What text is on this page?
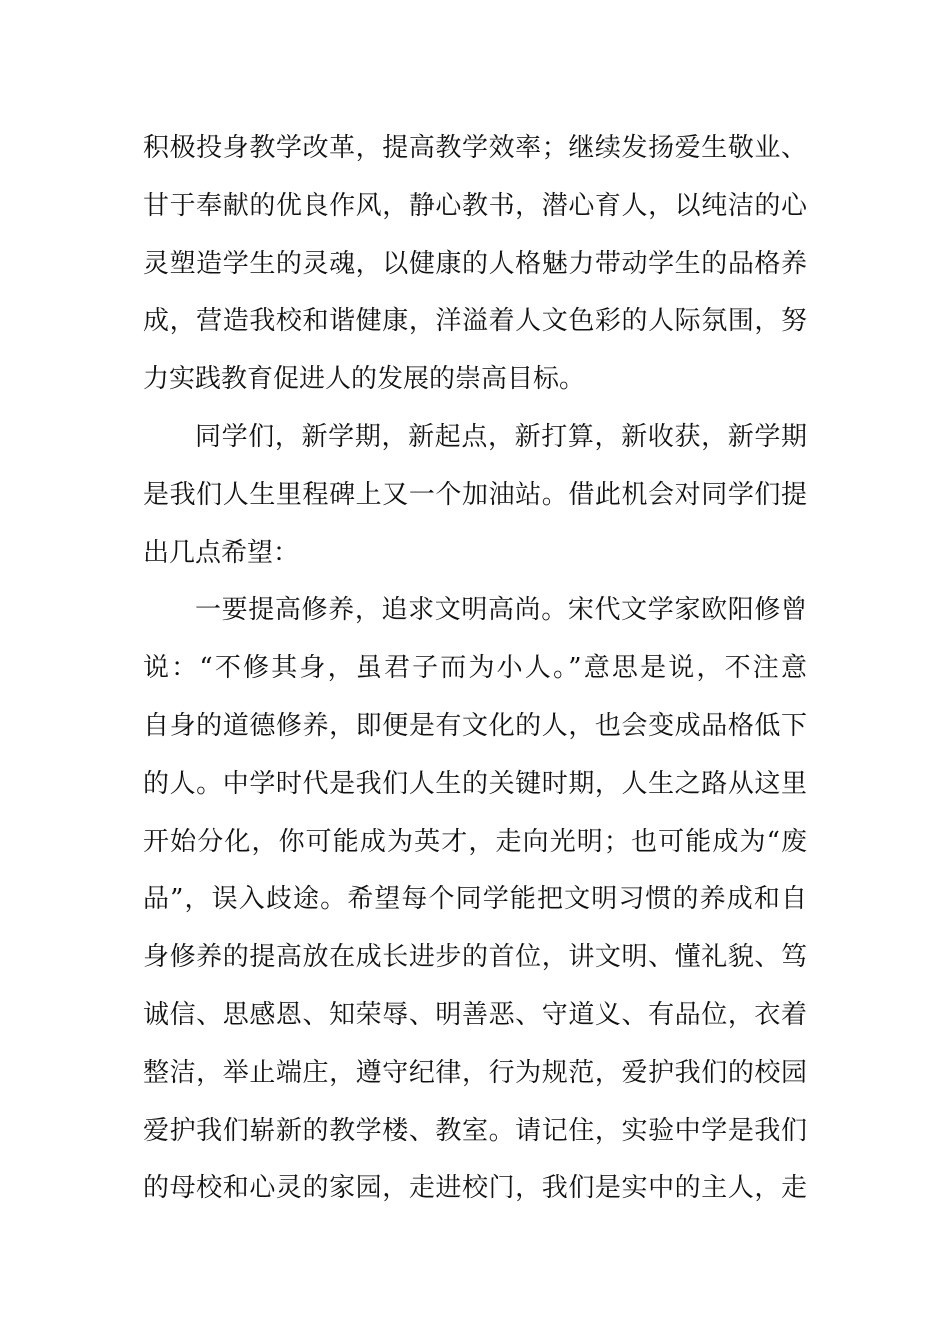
积极投身教学改革，提高教学效率；继续发扬爱生敬业、
甘于奉献的优良作风，静心教书，潜心育人，以纯洁的心
灵塑造学生的灵魂，以健康的人格魅力带动学生的品格养
成，营造我校和谐健康，洋溢着人文色彩的人际氛围，努
力实践教育促进人的发展的崇高目标。
同学们，新学期，新起点，新打算，新收获，新学期
是我们人生里程碑上又一个加油站。借此机会对同学们提
出几点希望：
一要提高修养，追求文明高尚。宋代文学家欧阳修曾
说：“不修其身，虽君子而为小人。”意思是说，不注意
自身的道德修养，即便是有文化的人，也会变成品格低下
的人。中学时代是我们人生的关键时期，人生之路从这里
开始分化，你可能成为英才，走向光明；也可能成为“废
品”，误入歧途。希望每个同学能把文明习惯的养成和自
身修养的提高放在成长进步的首位，讲文明、懂礼貌、笃
诚信、思感恩、知荣辱、明善恶、守道义、有品位，衣着
整洁，举止端庄，遵守纪律，行为规范，爱护我们的校园
爱护我们崭新的教学楼、教室。请记住，实验中学是我们
的母校和心灵的家园，走进校门，我们是实中的主人，走
